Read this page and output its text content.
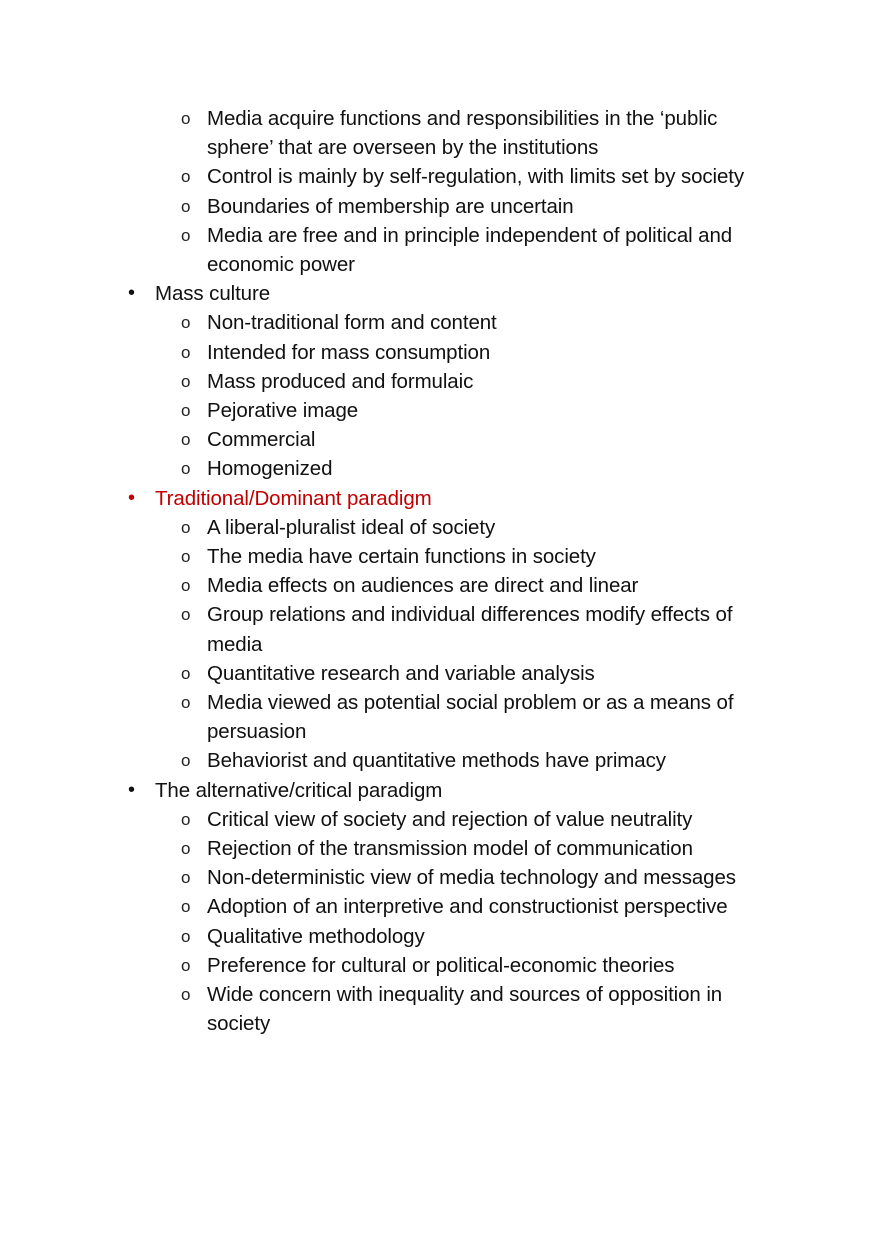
o Media acquire functions and responsibilities in the ‘public sphere’ that are overseen by the institutions
o Control is mainly by self-regulation, with limits set by society
o Boundaries of membership are uncertain
o Media are free and in principle independent of political and economic power
• Mass culture
o Non-traditional form and content
o Intended for mass consumption
o Mass produced and formulaic
o Pejorative image
o Commercial
o Homogenized
• Traditional/Dominant paradigm
o A liberal-pluralist ideal of society
o The media have certain functions in society
o Media effects on audiences are direct and linear
o Group relations and individual differences modify effects of media
o Quantitative research and variable analysis
o Media viewed as potential social problem or as a means of persuasion
o Behaviorist and quantitative methods have primacy
• The alternative/critical paradigm
o Critical view of society and rejection of value neutrality
o Rejection of the transmission model of communication
o Non-deterministic view of media technology and messages
o Adoption of an interpretive and constructionist perspective
o Qualitative methodology
o Preference for cultural or political-economic theories
o Wide concern with inequality and sources of opposition in society
